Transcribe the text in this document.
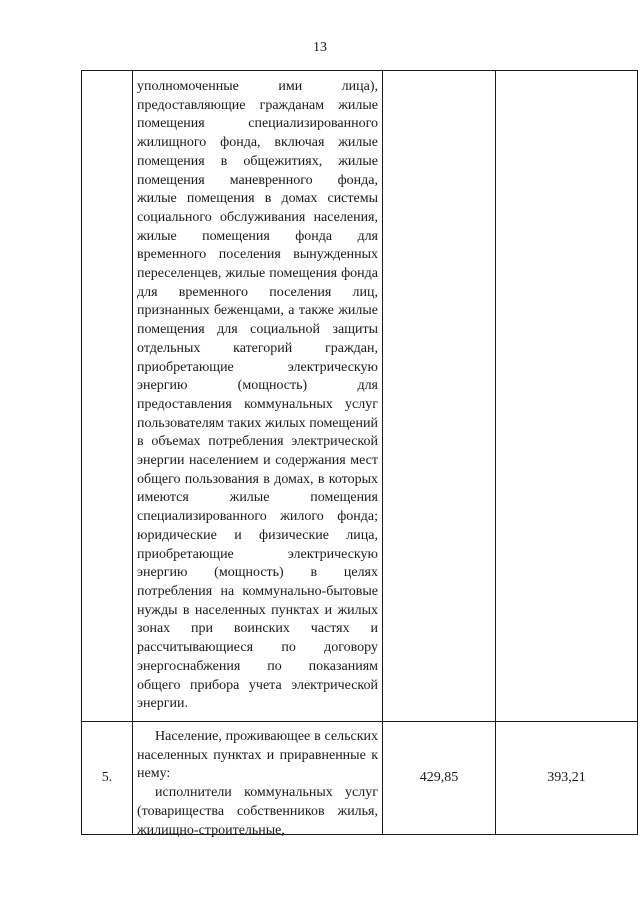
13

	уполномоченные ими лица), предоставляющие гражданам жилые помещения специализированного жилищного фонда, включая жилые помещения в общежитиях, жилые помещения маневренного фонда, жилые помещения в домах системы социального обслуживания населения, жилые помещения фонда для временного поселения вынужденных переселенцев, жилые помещения фонда для временного поселения лиц, признанных беженцами, а также жилые помещения для социальной защиты отдельных категорий граждан, приобретающие электрическую энергию (мощность) для предоставления коммунальных услуг пользователям таких жилых помещений в объемах потребления электрической энергии населением и содержания мест общего пользования в домах, в которых имеются жилые помещения специализированного жилого фонда; юридические и физические лица, приобретающие электрическую энергию (мощность) в целях потребления на коммунально-бытовые нужды в населенных пунктах и жилых зонах при воинских частях и рассчитывающиеся по договору энергоснабжения по показаниям общего прибора учета электрической энергии.		

5.	Население, проживающее в сельских населенных пунктах и приравненные к нему:

исполнители коммунальных услуг (товарищества собственников жилья, жилищно-строительные,	429,85	393,21
